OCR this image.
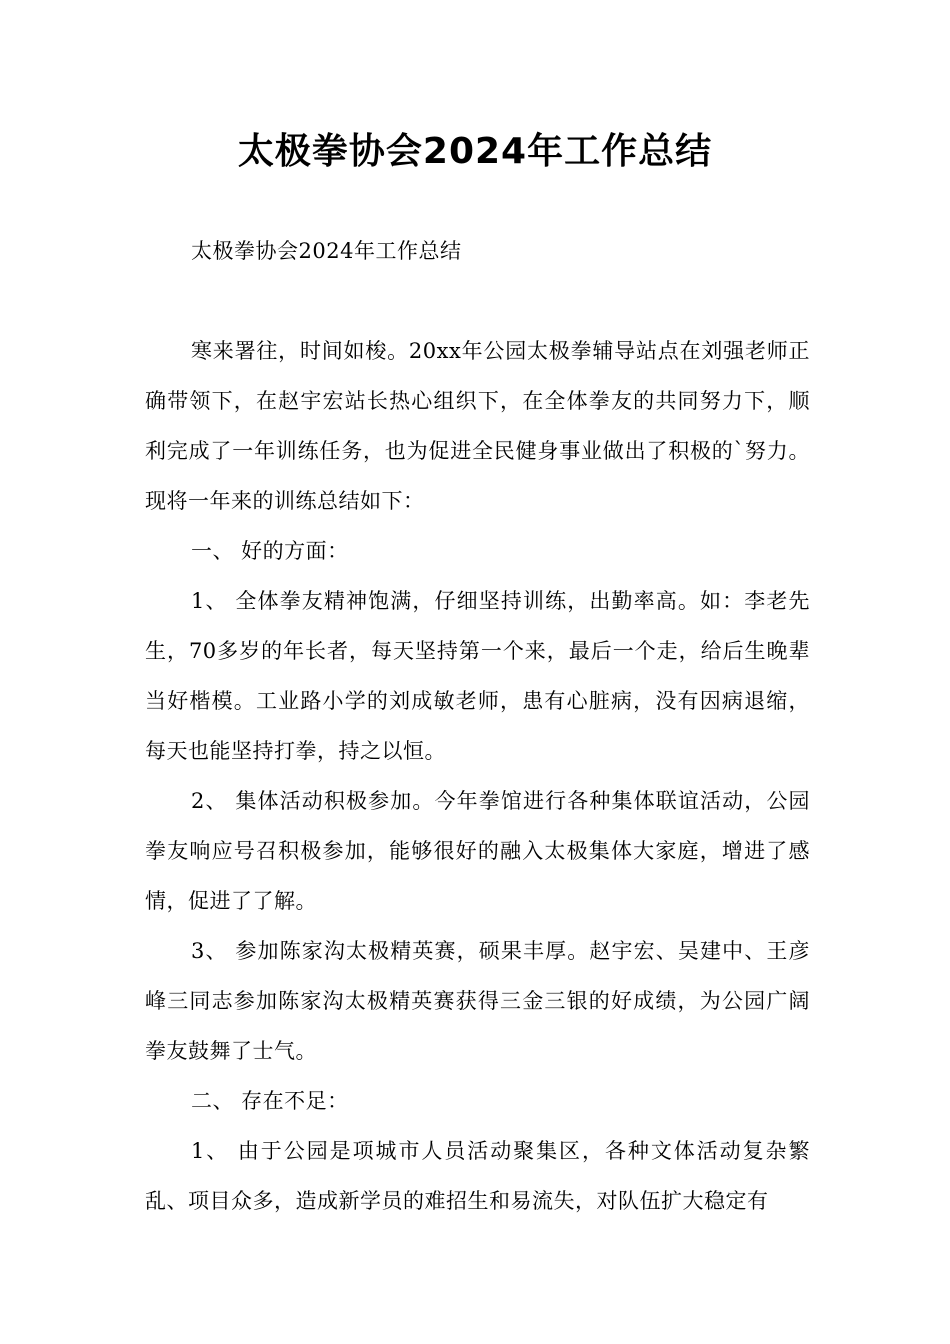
太极拳协会2024年工作总结

太极拳协会2024年工作总结

寒来署往，时间如梭。20xx年公园太极拳辅导站点在刘强老师正确带领下，在赵宇宏站长热心组织下，在全体拳友的共同努力下，顺利完成了一年训练任务，也为促进全民健身事业做出了积极的`努力。现将一年来的训练总结如下：

一、 好的方面：

1、 全体拳友精神饱满，仔细坚持训练，出勤率高。如：李老先生，70多岁的年长者，每天坚持第一个来，最后一个走，给后生晚辈当好楷模。工业路小学的刘成敏老师，患有心脏病，没有因病退缩，每天也能坚持打拳，持之以恒。

2、 集体活动积极参加。今年拳馆进行各种集体联谊活动，公园拳友响应号召积极参加，能够很好的融入太极集体大家庭，增进了感情，促进了了解。

3、 参加陈家沟太极精英赛，硕果丰厚。赵宇宏、吴建中、王彦峰三同志参加陈家沟太极精英赛获得三金三银的好成绩，为公园广阔拳友鼓舞了士气。

二、 存在不足：

1、 由于公园是项城市人员活动聚集区，各种文体活动复杂繁乱、项目众多，造成新学员的难招生和易流失，对队伍扩大稳定有
